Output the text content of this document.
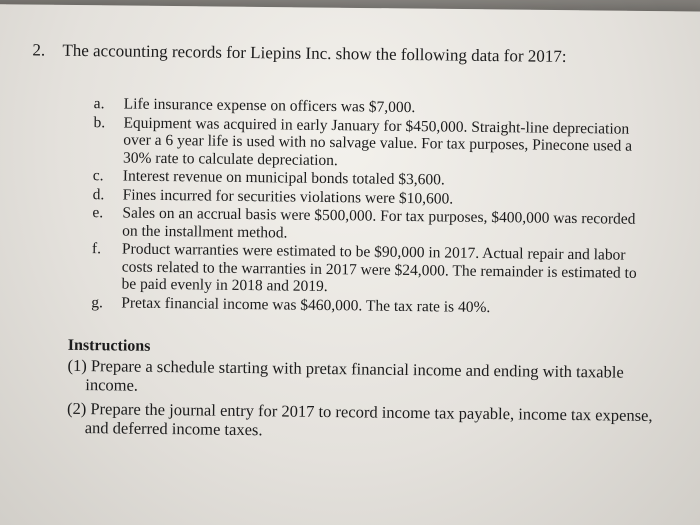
2. The accounting records for Liepins Inc. show the following data for 2017:
a.	Life insurance expense on officers was $7,000.
b.	Equipment was acquired in early January for $450,000. Straight-line depreciation over a 6 year life is used with no salvage value. For tax purposes, Pinecone used a 30% rate to calculate depreciation.
c.	Interest revenue on municipal bonds totaled $3,600.
d.	Fines incurred for securities violations were $10,600.
e.	Sales on an accrual basis were $500,000. For tax purposes, $400,000 was recorded on the installment method.
f.	Product warranties were estimated to be $90,000 in 2017. Actual repair and labor costs related to the warranties in 2017 were $24,000. The remainder is estimated to be paid evenly in 2018 and 2019.
g.	Pretax financial income was $460,000. The tax rate is 40%.
Instructions
(1) Prepare a schedule starting with pretax financial income and ending with taxable income.
(2) Prepare the journal entry for 2017 to record income tax payable, income tax expense, and deferred income taxes.
